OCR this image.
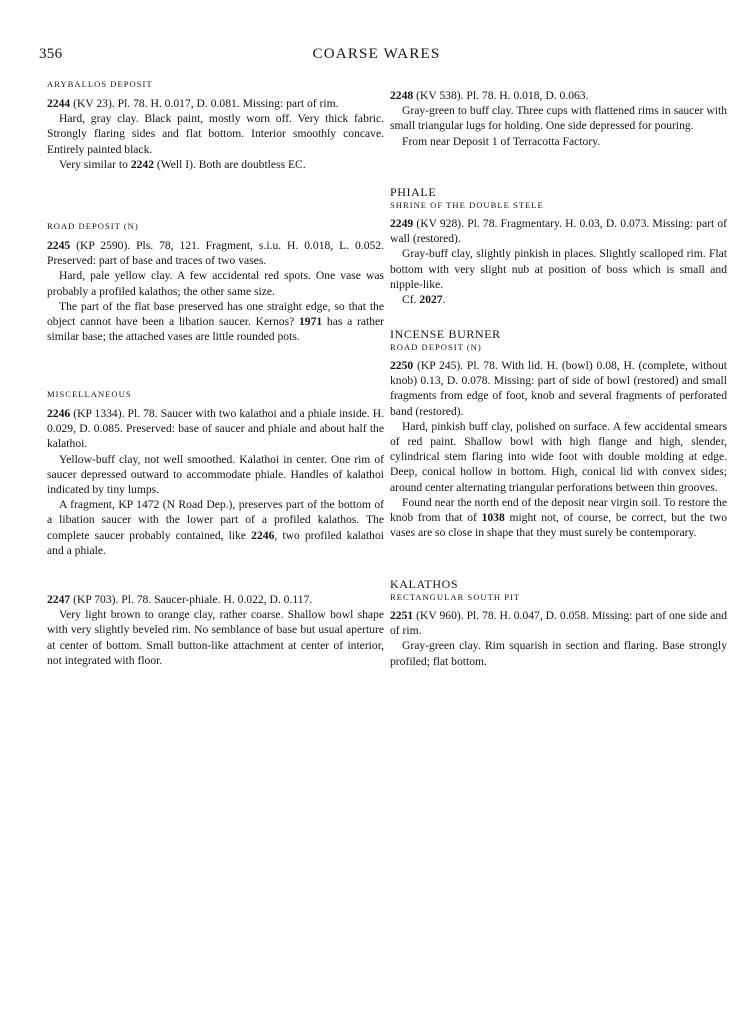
356	COARSE WARES
ARYBALLOS DEPOSIT

2244 (KV 23). Pl. 78. H. 0.017, D. 0.081. Missing: part of rim.

Hard, gray clay. Black paint, mostly worn off. Very thick fabric. Strongly flaring sides and flat bottom. Interior smoothly concave. Entirely painted black.

Very similar to 2242 (Well I). Both are doubtless EC.

ROAD DEPOSIT (N)

2245 (KP 2590). Pls. 78, 121. Fragment, s.i.u. H. 0.018, L. 0.052. Preserved: part of base and traces of two vases.

Hard, pale yellow clay. A few accidental red spots. One vase was probably a profiled kalathos; the other same size.

The part of the flat base preserved has one straight edge, so that the object cannot have been a libation saucer. Kernos? 1971 has a rather similar base; the attached vases are little rounded pots.

MISCELLANEOUS

2246 (KP 1334). Pl. 78. Saucer with two kalathoi and a phiale inside. H. 0.029, D. 0.085. Preserved: base of saucer and phiale and about half the kalathoi.

Yellow-buff clay, not well smoothed. Kalathoi in center. One rim of saucer depressed outward to accommodate phiale. Handles of kalathoi indicated by tiny lumps.

A fragment, KP 1472 (N Road Dep.), preserves part of the bottom of a libation saucer with the lower part of a profiled kalathos. The complete saucer probably contained, like 2246, two profiled kalathoi and a phiale.

2247 (KP 703). Pl. 78. Saucer-phiale. H. 0.022, D. 0.117.

Very light brown to orange clay, rather coarse. Shallow bowl shape with very slightly beveled rim. No semblance of base but usual aperture at center of bottom. Small button-like attachment at center of interior, not integrated with floor.

2248 (KV 538). Pl. 78. H. 0.018, D. 0.063.

Gray-green to buff clay. Three cups with flattened rims in saucer with small triangular lugs for holding. One side depressed for pouring.

From near Deposit 1 of Terracotta Factory.

PHIALE
SHRINE OF THE DOUBLE STELE

2249 (KV 928). Pl. 78. Fragmentary. H. 0.03, D. 0.073. Missing: part of wall (restored).

Gray-buff clay, slightly pinkish in places. Slightly scalloped rim. Flat bottom with very slight nub at position of boss which is small and nipple-like.

Cf. 2027.

INCENSE BURNER
ROAD DEPOSIT (N)

2250 (KP 245). Pl. 78. With lid. H. (bowl) 0.08, H. (complete, without knob) 0.13, D. 0.078. Missing: part of side of bowl (restored) and small fragments from edge of foot, knob and several fragments of perforated band (restored).

Hard, pinkish buff clay, polished on surface. A few accidental smears of red paint. Shallow bowl with high flange and high, slender, cylindrical stem flaring into wide foot with double molding at edge. Deep, conical hollow in bottom. High, conical lid with convex sides; around center alternating triangular perforations between thin grooves.

Found near the north end of the deposit near virgin soil. To restore the knob from that of 1038 might not, of course, be correct, but the two vases are so close in shape that they must surely be contemporary.

KALATHOS
RECTANGULAR SOUTH PIT

2251 (KV 960). Pl. 78. H. 0.047, D. 0.058. Missing: part of one side and of rim.

Gray-green clay. Rim squarish in section and flaring. Base strongly profiled; flat bottom.
